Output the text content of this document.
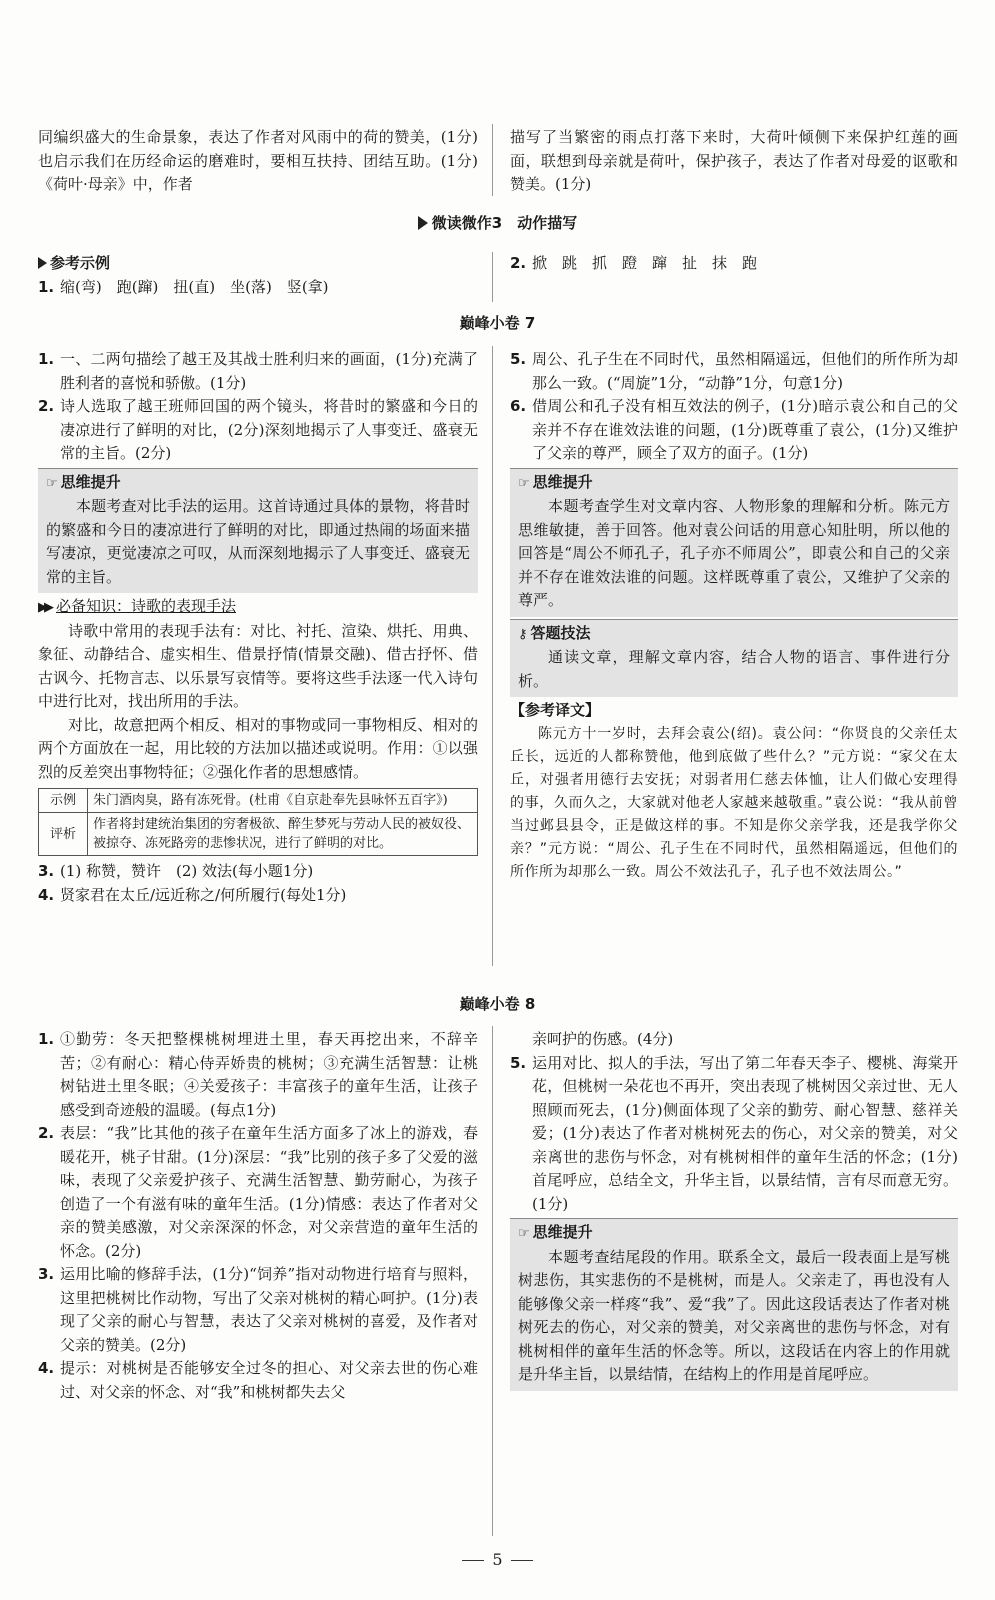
同编织盛大的生命景象，表达了作者对风雨中的荷的赞美，(1分)也启示我们在历经命运的磨难时，要相互扶持、团结互助。(1分)《荷叶·母亲》中，作者

描写了当繁密的雨点打落下来时，大荷叶倾侧下来保护红莲的画面，联想到母亲就是荷叶，保护孩子，表达了作者对母爱的讴歌和赞美。(1分)

微读微作3　动作描写
参考示例
1. 缩(弯)　跑(蹿)　扭(直)　坐(落)　竖(拿)
2. 掀　跳　抓　蹬　蹿　扯　抹　跑
巅峰小卷 7
1. 一、二两句描绘了越王及其战士胜利归来的画面，(1分)充满了胜利者的喜悦和骄傲。(1分)
2. 诗人选取了越王班师回国的两个镜头，将昔时的繁盛和今日的凄凉进行了鲜明的对比，(2分)深刻地揭示了人事变迁、盛衰无常的主旨。(2分)
☞ 思维提升

本题考查对比手法的运用。这首诗通过具体的景物，将昔时的繁盛和今日的凄凉进行了鲜明的对比，即通过热闹的场面来描写凄凉，更觉凄凉之可叹，从而深刻地揭示了人事变迁、盛衰无常的主旨。

▶▶ 必备知识：诗歌的表现手法

诗歌中常用的表现手法有：对比、衬托、渲染、烘托、用典、象征、动静结合、虚实相生、借景抒情(情景交融)、借古抒怀、借古讽今、托物言志、以乐景写哀情等。要将这些手法逐一代入诗句中进行比对，找出所用的手法。

对比，故意把两个相反、相对的事物或同一事物相反、相对的两个方面放在一起，用比较的方法加以描述或说明。作用：①以强烈的反差突出事物特征；②强化作者的思想感情。

示例	朱门酒肉臭，路有冻死骨。(杜甫《自京赴奉先县咏怀五百字》)
评析	作者将封建统治集团的穷奢极欲、醉生梦死与劳动人民的被奴役、被掠夺、冻死路旁的悲惨状况，进行了鲜明的对比。
3. (1) 称赞，赞许　(2) 效法(每小题1分)
4. 贤家君在太丘/远近称之/何所履行(每处1分)
5. 周公、孔子生在不同时代，虽然相隔遥远，但他们的所作所为却那么一致。(“周旋”1分，“动静”1分，句意1分)
6. 借周公和孔子没有相互效法的例子，(1分)暗示袁公和自己的父亲并不存在谁效法谁的问题，(1分)既尊重了袁公，(1分)又维护了父亲的尊严，顾全了双方的面子。(1分)
☞ 思维提升

本题考查学生对文章内容、人物形象的理解和分析。陈元方思维敏捷，善于回答。他对袁公问话的用意心知肚明，所以他的回答是“周公不师孔子，孔子亦不师周公”，即袁公和自己的父亲并不存在谁效法谁的问题。这样既尊重了袁公，又维护了父亲的尊严。

⚷ 答题技法

通读文章，理解文章内容，结合人物的语言、事件进行分析。

【参考译文】

陈元方十一岁时，去拜会袁公(绍)。袁公问：“你贤良的父亲任太丘长，远近的人都称赞他，他到底做了些什么？”元方说：“家父在太丘，对强者用德行去安抚；对弱者用仁慈去体恤，让人们做心安理得的事，久而久之，大家就对他老人家越来越敬重。”袁公说：“我从前曾当过邺县县令，正是做这样的事。不知是你父亲学我，还是我学你父亲？”元方说：“周公、孔子生在不同时代，虽然相隔遥远，但他们的所作所为却那么一致。周公不效法孔子，孔子也不效法周公。”

巅峰小卷 8
1. ①勤劳：冬天把整棵桃树埋进土里，春天再挖出来，不辞辛苦；②有耐心：精心侍弄娇贵的桃树；③充满生活智慧：让桃树钻进土里冬眠；④关爱孩子：丰富孩子的童年生活，让孩子感受到奇迹般的温暖。(每点1分)
2. 表层：“我”比其他的孩子在童年生活方面多了冰上的游戏，春暖花开，桃子甘甜。(1分)深层：“我”比别的孩子多了父爱的滋味，表现了父亲爱护孩子、充满生活智慧、勤劳耐心，为孩子创造了一个有滋有味的童年生活。(1分)情感：表达了作者对父亲的赞美感激，对父亲深深的怀念，对父亲营造的童年生活的怀念。(2分)
3. 运用比喻的修辞手法，(1分)“饲养”指对动物进行培育与照料，这里把桃树比作动物，写出了父亲对桃树的精心呵护。(1分)表现了父亲的耐心与智慧，表达了父亲对桃树的喜爱，及作者对父亲的赞美。(2分)
4. 提示：对桃树是否能够安全过冬的担心、对父亲去世的伤心难过、对父亲的怀念、对“我”和桃树都失去父

亲呵护的伤感。(4分)

5. 运用对比、拟人的手法，写出了第二年春天李子、樱桃、海棠开花，但桃树一朵花也不再开，突出表现了桃树因父亲过世、无人照顾而死去，(1分)侧面体现了父亲的勤劳、耐心智慧、慈祥关爱；(1分)表达了作者对桃树死去的伤心，对父亲的赞美，对父亲离世的悲伤与怀念，对有桃树相伴的童年生活的怀念；(1分)首尾呼应，总结全文，升华主旨，以景结情，言有尽而意无穷。(1分)
☞ 思维提升

本题考查结尾段的作用。联系全文，最后一段表面上是写桃树悲伤，其实悲伤的不是桃树，而是人。父亲走了，再也没有人能够像父亲一样疼“我”、爱“我”了。因此这段话表达了作者对桃树死去的伤心，对父亲的赞美，对父亲离世的悲伤与怀念，对有桃树相伴的童年生活的怀念等。所以，这段话在内容上的作用就是升华主旨，以景结情，在结构上的作用是首尾呼应。

5
